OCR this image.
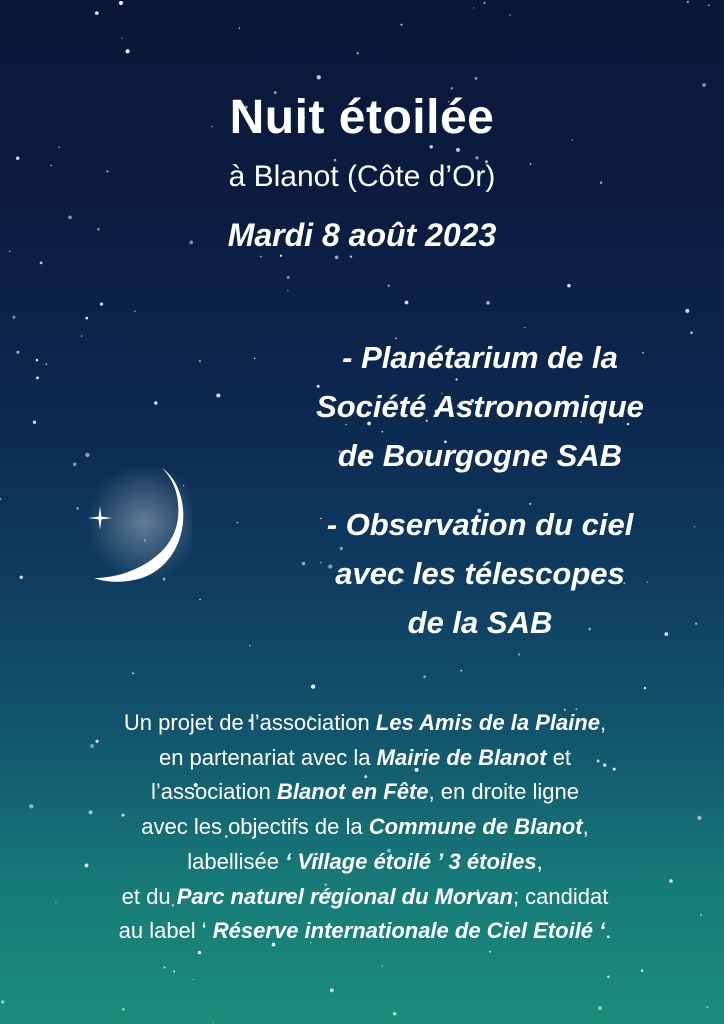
Nuit étoilée
à Blanot (Côte d’Or)
Mardi 8 août 2023
- Planétarium de la
Société Astronomique
de Bourgogne SAB
- Observation du ciel
avec les télescopes
de la SAB
Un projet de l’association Les Amis de la Plaine,
en partenariat avec la Mairie de Blanot et
l’association Blanot en Fête, en droite ligne
avec les objectifs de la Commune de Blanot,
labellisée ‘ Village étoilé ’ 3 étoiles,
et du Parc naturel régional du Morvan, candidat
au label ‘ Réserve internationale de Ciel Etoilé ‘.
